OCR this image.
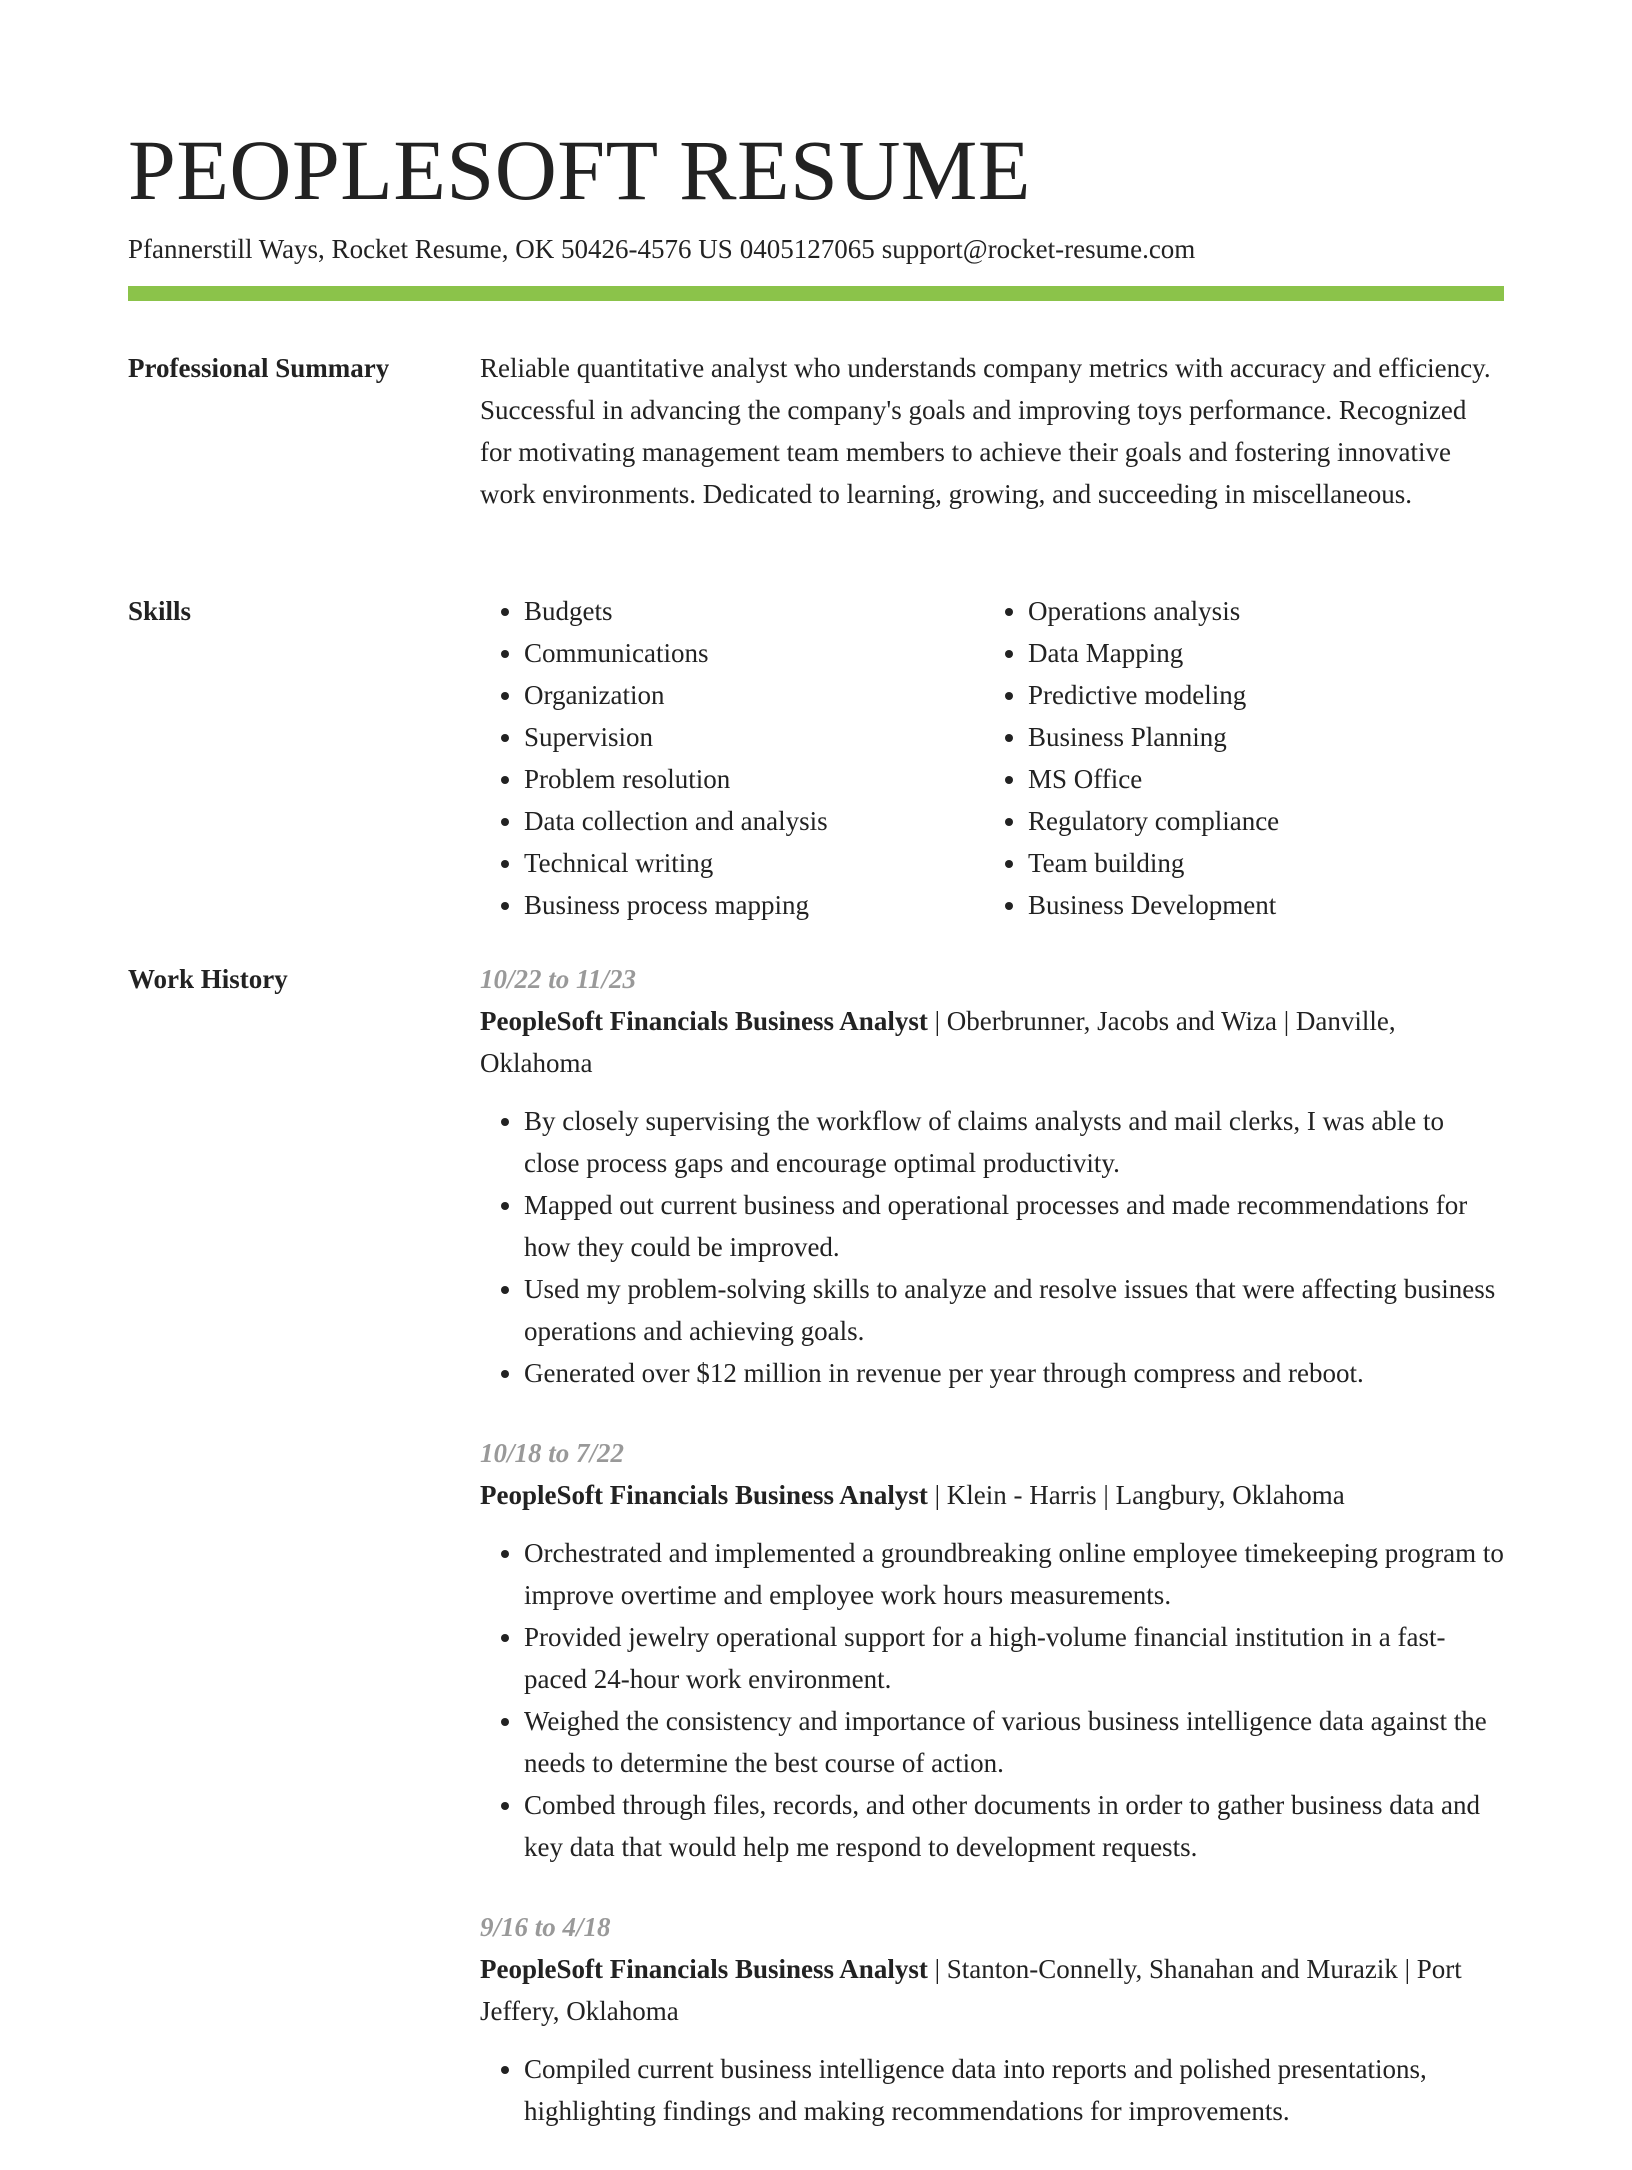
PEOPLESOFT RESUME
Pfannerstill Ways, Rocket Resume, OK 50426-4576 US 0405127065 support@rocket-resume.com
Professional Summary	Reliable quantitative analyst who understands company metrics with accuracy and efficiency. Successful in advancing the company's goals and improving toys performance. Recognized for motivating management team members to achieve their goals and fostering innovative work environments. Dedicated to learning, growing, and succeeding in miscellaneous.

Skills
•	Budgets
• Communications
• Organization
• Supervision
• Problem resolution
• Data collection and analysis
• Technical writing
• Business process mapping
• Operations analysis
• Data Mapping
• Predictive modeling
• Business Planning
• MS Office
• Regulatory compliance
• Team building
• Business Development
Work History	10/22 to 11/23
PeopleSoft Financials Business Analyst | Oberbrunner, Jacobs and Wiza | Danville, Oklahoma
• By closely supervising the workflow of claims analysts and mail clerks, I was able to close process gaps and encourage optimal productivity.
• Mapped out current business and operational processes and made recommendations for how they could be improved.
• Used my problem-solving skills to analyze and resolve issues that were affecting business operations and achieving goals.
• Generated over $12 million in revenue per year through compress and reboot.
10/18 to 7/22
PeopleSoft Financials Business Analyst | Klein - Harris | Langbury, Oklahoma
• Orchestrated and implemented a groundbreaking online employee timekeeping program to improve overtime and employee work hours measurements.
• Provided jewelry operational support for a high-volume financial institution in a fast-paced 24-hour work environment.
• Weighed the consistency and importance of various business intelligence data against the needs to determine the best course of action.
• Combed through files, records, and other documents in order to gather business data and key data that would help me respond to development requests.
9/16 to 4/18
PeopleSoft Financials Business Analyst | Stanton-Connelly, Shanahan and Murazik | Port Jeffery, Oklahoma
• Compiled current business intelligence data into reports and polished presentations, highlighting findings and making recommendations for improvements.
